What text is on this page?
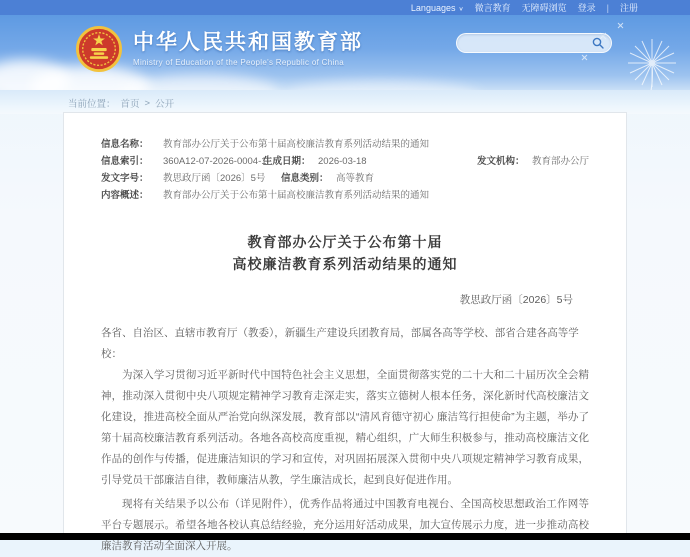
Languages ∨ 微言教育 无障碍浏览 登录 | 注册
中华人民共和国教育部
Ministry of Education of the People's Republic of China
当前位置： 首页 > 公开
信息名称：	教育部办公厅关于公布第十届高校廉洁教育系列活动结果的通知
信息索引：	360A12-07-2026-0004-1
生成日期： 2026-03-18	发文机构： 教育部办公厅
发文字号：	教思政厅函〔2026〕5号	信息类别： 高等教育
内容概述：	教育部办公厅关于公布第十届高校廉洁教育系列活动结果的通知
教育部办公厅关于公布第十届
高校廉洁教育系列活动结果的通知
教思政厅函〔2026〕5号
各省、自治区、直辖市教育厅（教委），新疆生产建设兵团教育局，部属各高等学校、部省合建各高等学校：

为深入学习贯彻习近平新时代中国特色社会主义思想，全面贯彻落实党的二十大和二十届历次全会精神，推动深入贯彻中央八项规定精神学习教育走深走实，落实立德树人根本任务，深化新时代高校廉洁文化建设，推进高校全面从严治党向纵深发展，教育部以“清风育德守初心 廉洁笃行担使命”为主题，举办了第十届高校廉洁教育系列活动。各地各高校高度重视，精心组织，广大师生积极参与，推动高校廉洁文化作品的创作与传播，促进廉洁知识的学习和宣传，对巩固拓展深入贯彻中央八项规定精神学习教育成果，引导党员干部廉洁自律，教师廉洁从教，学生廉洁成长，起到良好促进作用。

现将有关结果予以公布（详见附件），优秀作品将通过中国教育电视台、全国高校思想政治工作网等平台专题展示。希望各地各校认真总结经验，充分运用好活动成果，加大宣传展示力度，进一步推动高校廉洁教育活动全面深入开展。
